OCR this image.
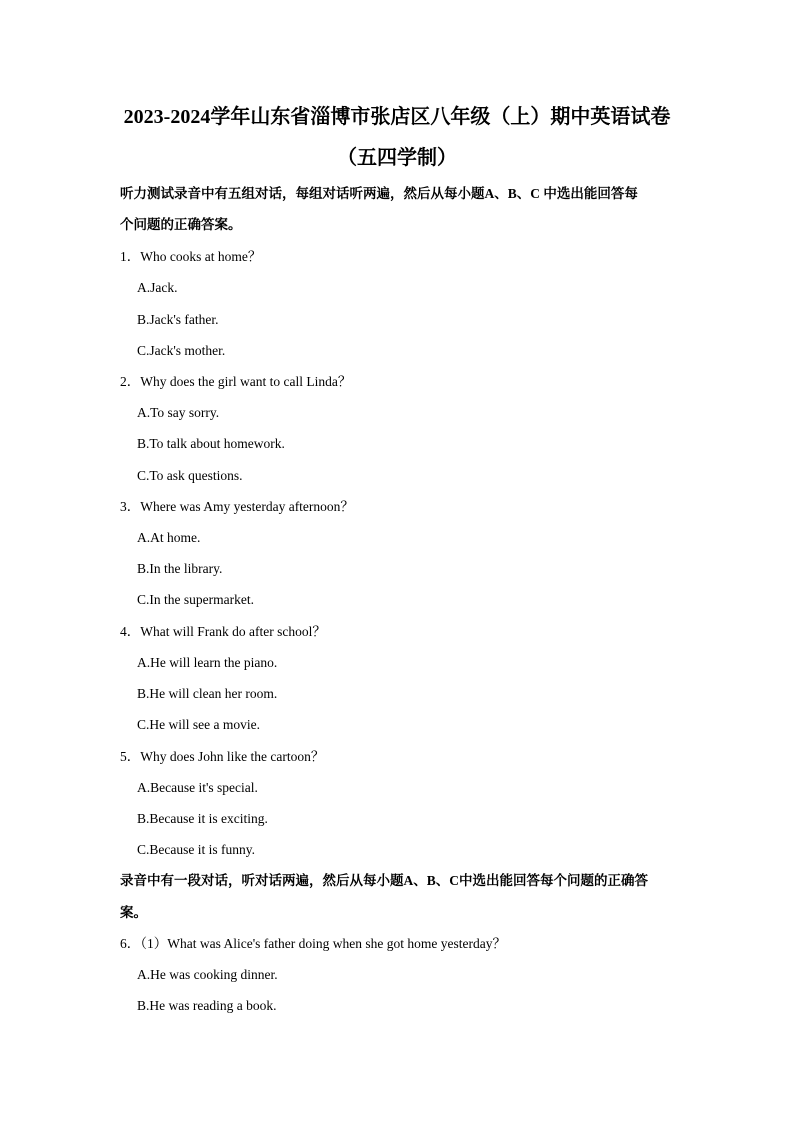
2023-2024学年山东省淄博市张店区八年级（上）期中英语试卷
（五四学制）
听力测试录音中有五组对话，每组对话听两遍，然后从每小题A、B、C 中选出能回答每
个问题的正确答案。
1．Who cooks at home？
A.Jack.
B.Jack's father.
C.Jack's mother.
2．Why does the girl want to call Linda？
A.To say sorry.
B.To talk about homework.
C.To ask questions.
3．Where was Amy yesterday afternoon？
A.At home.
B.In the library.
C.In the supermarket.
4．What will Frank do after school？
A.He will learn the piano.
B.He will clean her room.
C.He will see a movie.
5．Why does John like the cartoon？
A.Because it's special.
B.Because it is exciting.
C.Because it is funny.
录音中有一段对话，听对话两遍，然后从每小题A、B、C中选出能回答每个问题的正确答
案。
6．（1）What was Alice's father doing when she got home yesterday？
A.He was cooking dinner.
B.He was reading a book.
